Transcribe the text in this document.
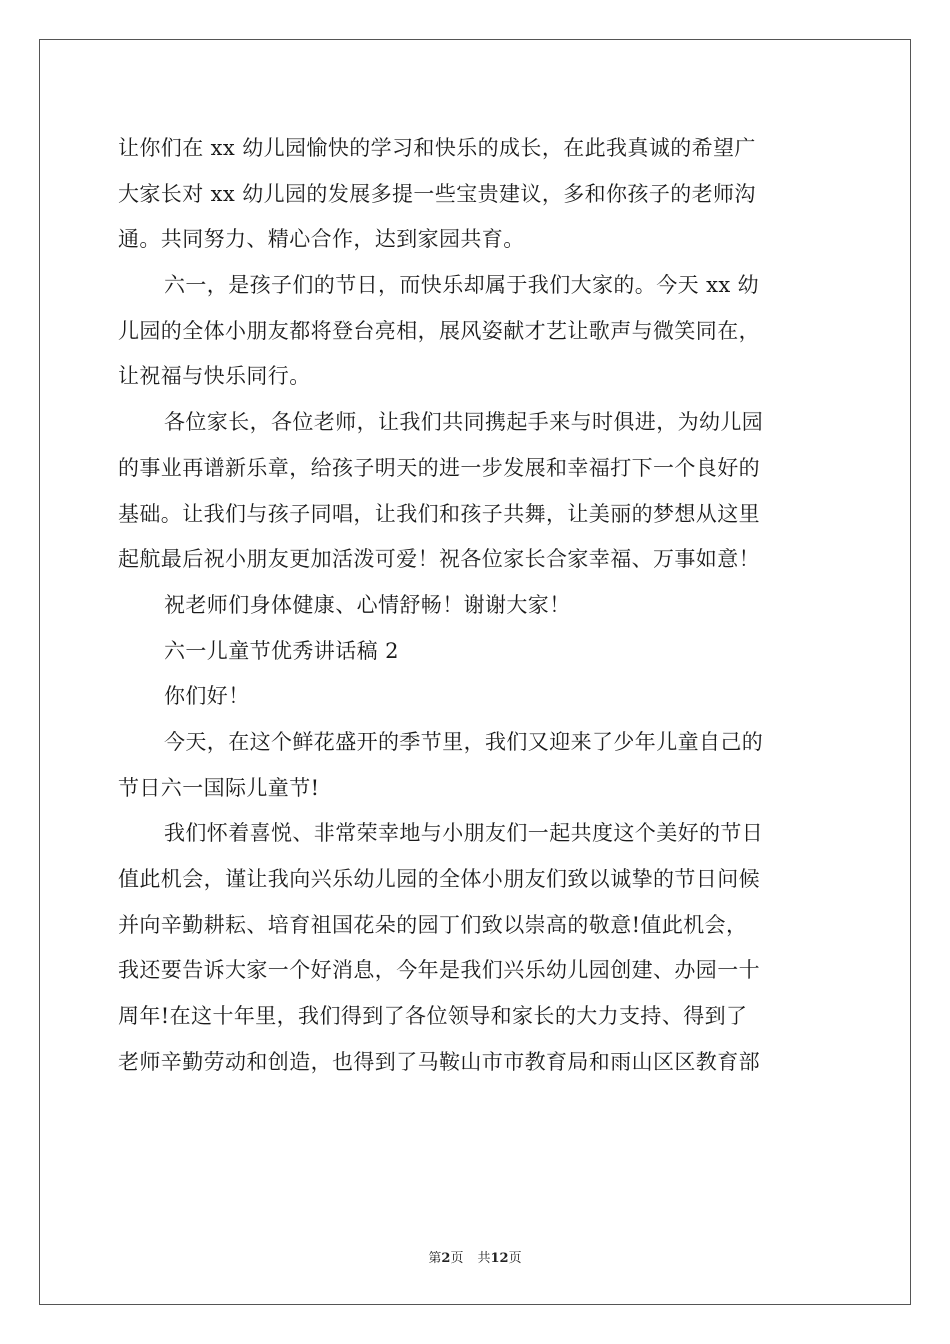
让你们在 xx 幼儿园愉快的学习和快乐的成长，在此我真诚的希望广
大家长对 xx 幼儿园的发展多提一些宝贵建议，多和你孩子的老师沟
通。共同努力、精心合作，达到家园共育。
六一，是孩子们的节日，而快乐却属于我们大家的。今天 xx 幼
儿园的全体小朋友都将登台亮相，展风姿献才艺让歌声与微笑同在，
让祝福与快乐同行。
各位家长，各位老师，让我们共同携起手来与时俱进，为幼儿园
的事业再谱新乐章，给孩子明天的进一步发展和幸福打下一个良好的
基础。让我们与孩子同唱，让我们和孩子共舞，让美丽的梦想从这里
起航最后祝小朋友更加活泼可爱！祝各位家长合家幸福、万事如意！
祝老师们身体健康、心情舒畅！谢谢大家！
六一儿童节优秀讲话稿 2
你们好！
今天，在这个鲜花盛开的季节里，我们又迎来了少年儿童自己的
节日六一国际儿童节!
我们怀着喜悦、非常荣幸地与小朋友们一起共度这个美好的节日
值此机会，谨让我向兴乐幼儿园的全体小朋友们致以诚挚的节日问候
并向辛勤耕耘、培育祖国花朵的园丁们致以崇高的敬意!值此机会，
我还要告诉大家一个好消息，今年是我们兴乐幼儿园创建、办园一十
周年!在这十年里，我们得到了各位领导和家长的大力支持、得到了
老师辛勤劳动和创造，也得到了马鞍山市市教育局和雨山区区教育部
第2页 共12页
